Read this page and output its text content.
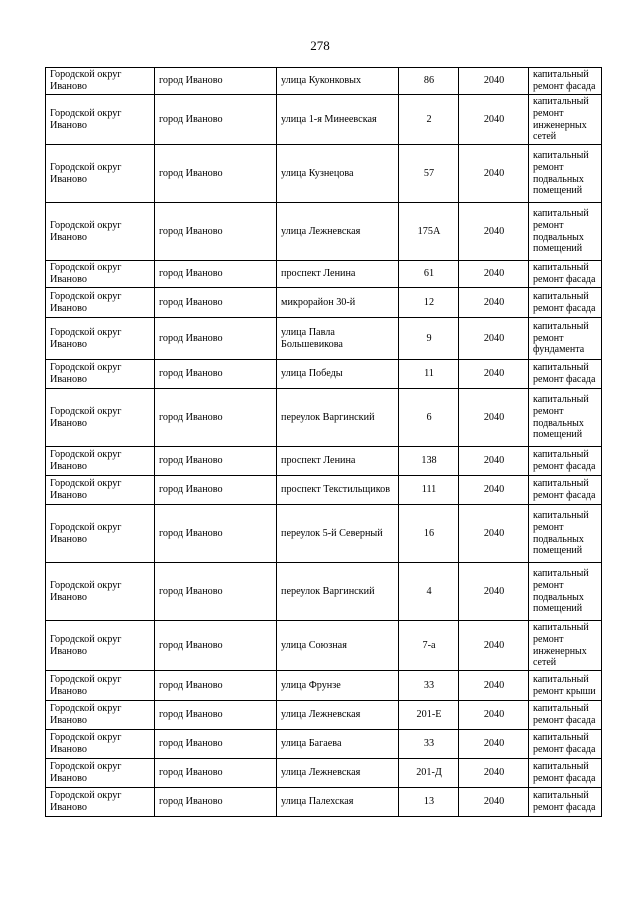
278
Городской округ Иваново	город Иваново	улица Куконковых	86	2040	капитальный ремонт фасада
Городской округ Иваново	город Иваново	улица 1-я Минеевская	2	2040	капитальный ремонт инженерных сетей
Городской округ Иваново	город Иваново	улица Кузнецова	57	2040	капитальный ремонт подвальных помещений
Городской округ Иваново	город Иваново	улица Лежневская	175А	2040	капитальный ремонт подвальных помещений
Городской округ Иваново	город Иваново	проспект Ленина	61	2040	капитальный ремонт фасада
Городской округ Иваново	город Иваново	микрорайон 30-й	12	2040	капитальный ремонт фасада
Городской округ Иваново	город Иваново	улица Павла Большевикова	9	2040	капитальный ремонт фундамента
Городской округ Иваново	город Иваново	улица Победы	11	2040	капитальный ремонт фасада
Городской округ Иваново	город Иваново	переулок Варгинский	6	2040	капитальный ремонт подвальных помещений
Городской округ Иваново	город Иваново	проспект Ленина	138	2040	капитальный ремонт фасада
Городской округ Иваново	город Иваново	проспект Текстильщиков	111	2040	капитальный ремонт фасада
Городской округ Иваново	город Иваново	переулок 5-й Северный	16	2040	капитальный ремонт подвальных помещений
Городской округ Иваново	город Иваново	переулок Варгинский	4	2040	капитальный ремонт подвальных помещений
Городской округ Иваново	город Иваново	улица Союзная	7-а	2040	капитальный ремонт инженерных сетей
Городской округ Иваново	город Иваново	улица Фрунзе	33	2040	капитальный ремонт крыши
Городской округ Иваново	город Иваново	улица Лежневская	201-Е	2040	капитальный ремонт фасада
Городской округ Иваново	город Иваново	улица Багаева	33	2040	капитальный ремонт фасада
Городской округ Иваново	город Иваново	улица Лежневская	201-Д	2040	капитальный ремонт фасада
Городской округ Иваново	город Иваново	улица Палехская	13	2040	капитальный ремонт фасада
